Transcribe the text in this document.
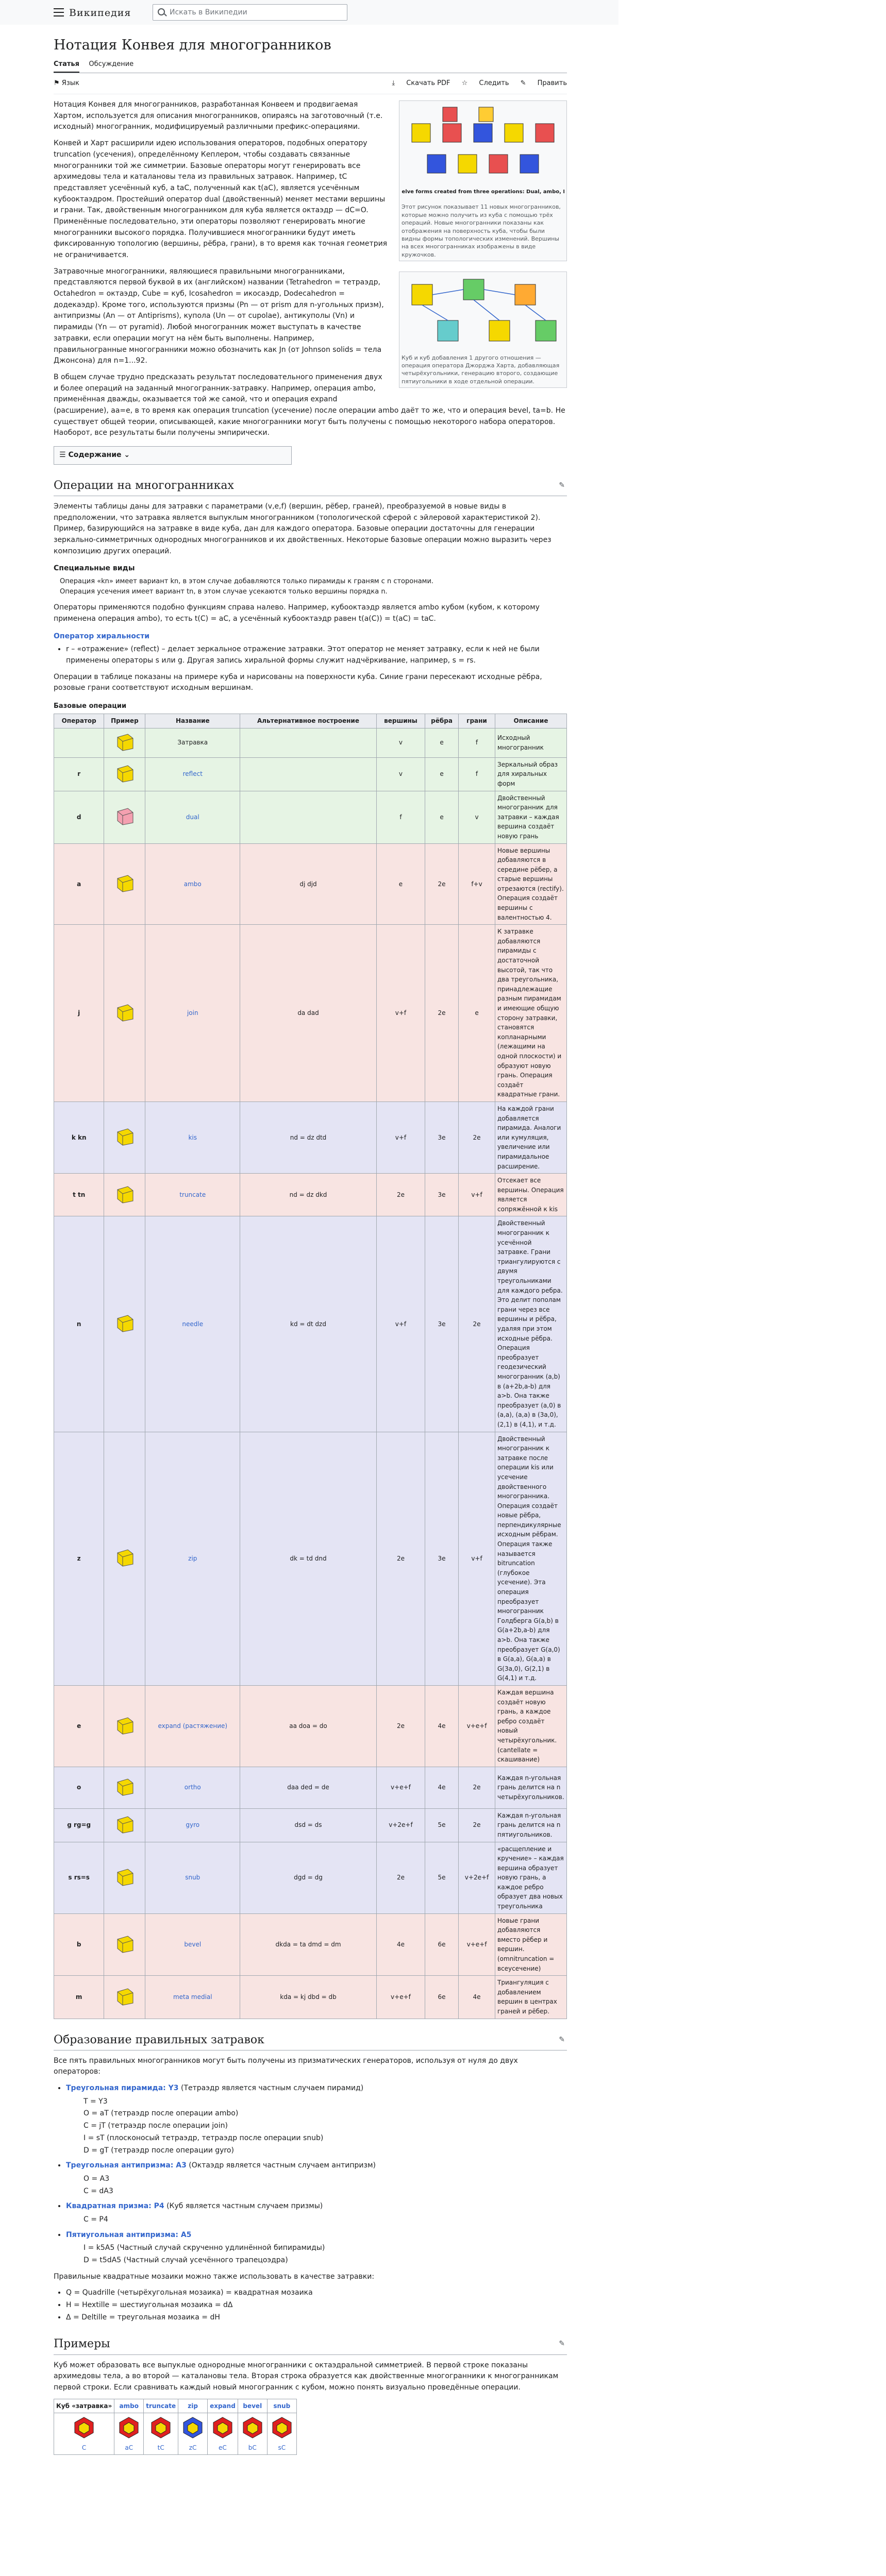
Википедия
Искать в Википедии
Нотация Конвея для многогранников
Статья Обсуждение
⚑ Язык	⤓ Скачать PDF ☆ Следить ✎ Править
Twelve forms created from three operations: Dual, ambo, Kis
Этот рисунок показывает 11 новых многогранников, которые можно получить из куба с помощью трёх операций. Новые многогранники показаны как отображения на поверхность куба, чтобы были видны формы топологических изменений. Вершины на всех многогранниках изображены в виде кружочков.

Нотация Конвея для многогранников, разработанная Конвеем и продвигаемая Хартом, используется для описания многогранников, опираясь на заготовочный (т.е. исходный) многогранник, модифицируемый различными префикс-операциями.

Конвей и Харт расширили идею использования операторов, подобных оператору truncation (усечения), определённому Кеплером, чтобы создавать связанные многогранники той же симметрии. Базовые операторы могут генерировать все архимедовы тела и каталановы тела из правильных затравок. Например, tC представляет усечённый куб, а taC, полученный как t(aC), является усечённым кубооктаэдром. Простейший оператор dual (двойственный) меняет местами вершины и грани. Так, двойственным многогранником для куба является октаэдр — dC=O. Применённые последовательно, эти операторы позволяют генерировать многие многогранники высокого порядка. Получившиеся многогранники будут иметь фиксированную топологию (вершины, рёбра, грани), в то время как точная геометрия не ограничивается.

Куб и куб добавления 1 другого отношения — операция оператора Джорджа Харта, добавляющая четырёхугольники, генерацию второго, создающие пятиугольники в ходе отдельной операции.

Затравочные многогранники, являющиеся правильными многогранниками, представляются первой буквой в их (английском) названии (Tetrahedron = тетраэдр, Octahedron = октаэдр, Cube = куб, Icosahedron = икосаэдр, Dodecahedron = додекаэдр). Кроме того, используются призмы (Pn — от prism для n-угольных призм), антипризмы (An — от Antiprisms), купола (Un — от cupolae), антикуполы (Vn) и пирамиды (Yn — от pyramid). Любой многогранник может выступать в качестве затравки, если операции могут на нём быть выполнены. Например, правильногранные многогранники можно обозначить как Jn (от Johnson solids = тела Джонсона) для n=1...92.

В общем случае трудно предсказать результат последовательного применения двух и более операций на заданный многогранник-затравку. Например, операция ambo, применённая дважды, оказывается той же самой, что и операция expand (расширение), aa=e, в то время как операция truncation (усечение) после операции ambo даёт то же, что и операция bevel, ta=b. Не существует общей теории, описывающей, какие многогранники могут быть получены с помощью некоторого набора операторов. Наоборот, все результаты были получены эмпирически.

☰ Содержание ⌄
Операции на многогранниках	✎

Элементы таблицы даны для затравки с параметрами (v,e,f) (вершин, рёбер, граней), преобразуемой в новые виды в предположении, что затравка является выпуклым многогранником (топологической сферой с эйлеровой характеристикой 2). Пример, базирующийся на затравке в виде куба, дан для каждого оператора. Базовые операции достаточны для генерации зеркально-симметричных однородных многогранников и их двойственных. Некоторые базовые операции можно выразить через композицию других операций.

Специальные виды
Операция «kn» имеет вариант kn, в этом случае добавляются только пирамиды к граням с n сторонами.
Операция усечения имеет вариант tn, в этом случае усекаются только вершины порядка n.

Операторы применяются подобно функциям справа налево. Например, кубооктаэдр является ambo кубом (кубом, к которому применена операция ambo), то есть t(C) = aC, а усечённый кубооктаэдр равен t(a(C)) = t(aC) = taC.

Оператор хиральности
• r – «отражение» (reflect) – делает зеркальное отражение затравки. Этот оператор не меняет затравку, если к ней не были применены операторы s или g. Другая запись хиральной формы служит надчёркивание, например, s = rs.

Операции в таблице показаны на примере куба и нарисованы на поверхности куба. Синие грани пересекают исходные рёбра, розовые грани соответствуют исходным вершинам.

Базовые операции
Оператор	Пример	Название	Альтернативное построение	вершины	рёбра	грани	Описание
		Затравка		v	e	f	Исходный многогранник
r		reflect		v	e	f	Зеркальный образ для хиральных форм
d		dual		f	e	v	Двойственный многогранник для затравки – каждая вершина создаёт новую грань
a		ambo	dj djd	e	2e	f+v	Новые вершины добавляются в середине рёбер, а старые вершины отрезаются (rectify). Операция создаёт вершины с валентностью 4.
j		join	da dad	v+f	2e	e	К затравке добавляются пирамиды с достаточной высотой, так что два треугольника, принадлежащие разным пирамидам и имеющие общую сторону затравки, становятся копланарными (лежащими на одной плоскости) и образуют новую грань. Операция создаёт квадратные грани.
k kn		kis	nd = dz dtd	v+f	3e	2e	На каждой грани добавляется пирамида. Аналоги или кумуляция, увеличение или пирамидальное расширение.
t tn		truncate	nd = dz dkd	2e	3e	v+f	Отсекает все вершины. Операция является сопряжённой к kis
n		needle	kd = dt dzd	v+f	3e	2e	Двойственный многогранник к усечённой затравке. Грани триангулируются с двумя треугольниками для каждого ребра. Это делит пополам грани через все вершины и рёбра, удаляя при этом исходные рёбра. Операция преобразует геодезический многогранник (a,b) в (a+2b,a-b) для a>b. Она также преобразует (a,0) в (a,a), (a,a) в (3a,0), (2,1) в (4,1), и т.д.
z		zip	dk = td dnd	2e	3e	v+f	Двойственный многогранник к затравке после операции kis или усечение двойственного многогранника. Операция создаёт новые рёбра, перпендикулярные исходным рёбрам. Операция также называется bitruncation (глубокое усечение). Эта операция преобразует многогранник Голдберга G(a,b) в G(a+2b,a-b) для a>b. Она также преобразует G(a,0) в G(a,a), G(a,a) в G(3a,0), G(2,1) в G(4,1) и т.д.
e		expand (растяжение)	aa doa = do	2e	4e	v+e+f	Каждая вершина создаёт новую грань, а каждое ребро создаёт новый четырёхугольник. (cantellate = скашивание)
o		ortho	daa ded = de	v+e+f	4e	2e	Каждая n-угольная грань делится на n четырёхугольников.
g rg=g		gyro	dsd = ds	v+2e+f	5e	2e	Каждая n-угольная грань делится на n пятиугольников.
s rs=s		snub	dgd = dg	2e	5e	v+2e+f	«расщепление и кручение» – каждая вершина образует новую грань, а каждое ребро образует два новых треугольника
b		bevel	dkda = ta dmd = dm	4e	6e	v+e+f	Новые грани добавляются вместо рёбер и вершин. (omnitruncation = всеусечение)
m		meta medial	kda = kj dbd = db	v+e+f	6e	4e	Триангуляция с добавлением вершин в центрах граней и рёбер.
Образование правильных затравок	✎

Все пять правильных многогранников могут быть получены из призматических генераторов, используя от нуля до двух операторов:

• Треугольная пирамида: Y3 (Тетраэдр является частным случаем пирамид)
T = Y3
O = aT (тетраэдр после операции ambo)
C = jT (тетраэдр после операции join)
I = sT (плосконосый тетраэдр, тетраэдр после операции snub)
D = gT (тетраэдр после операции gyro)
• Треугольная антипризма: A3 (Октаэдр является частным случаем антипризм)
O = A3
C = dA3
• Квадратная призма: P4 (Куб является частным случаем призмы)
C = P4
• Пятиугольная антипризма: A5
I = k5A5 (Частный случай скрученно удлинённой бипирамиды)
D = t5dA5 (Частный случай усечённого трапецоэдра)

Правильные квадратные мозаики можно также использовать в качестве затравки:

• Q = Quadrille (четырёхугольная мозаика) = квадратная мозаика
• H = Hextille = шестиугольная мозаика = dΔ
• Δ = Deltille = треугольная мозаика = dH
Примеры	✎

Куб может образовать все выпуклые однородные многогранники с октаэдральной симметрией. В первой строке показаны архимедовы тела, а во второй — каталановы тела. Вторая строка образуется как двойственные многогранники к многогранникам первой строки. Если сравнивать каждый новый многогранник с кубом, можно понять визуально проведённые операции.

Куб «затравка»	ambo	truncate	zip	expand	bevel	snub

C	aC	tC	zC	eC	bC	sC
